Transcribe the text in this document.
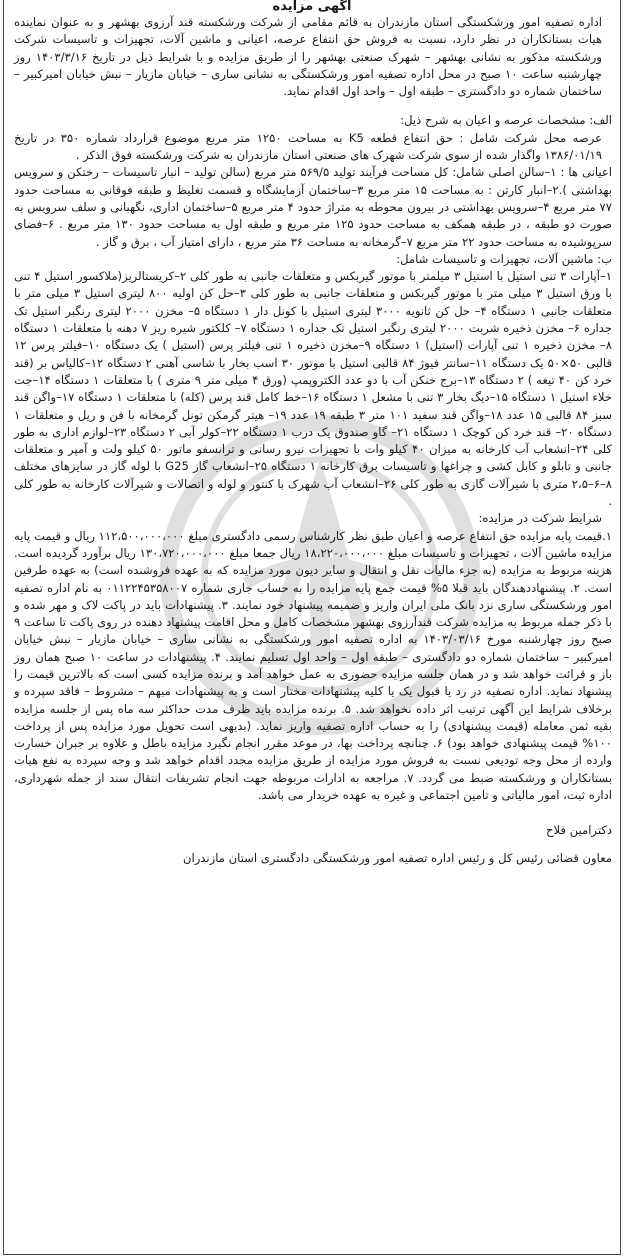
آگهی مزایده

اداره تصفیه امور ورشکستگی استان مازندران به قائم مقامی از شرکت ورشکسته قند آرزوی بهشهر و به عنوان نماینده هیات بستانکاران در نظر دارد، نسبت به فروش حق انتفاع عرصه، اعیانی و ماشین آلات، تجهیزات و تاسیسات شرکت ورشکسته مذکور به نشانی بهشهر – شهرک صنعتی بهشهر را از طریق مزایده و با شرایط ذیل در تاریخ ۱۴۰۳/۳/۱۶ روز چهارشنبه ساعت ۱۰ صبح در محل اداره تصفیه امور ورشکستگی به نشانی ساری – خیابان مازیار – نبش خیابان امیرکبیر – ساختمان شماره دو دادگستری – طبقه اول – واحد اول اقدام نماید.

الف: مشخصات عرصه و اعیان به شرح ذیل:

عرصه محل شرکت شامل : حق انتفاع قطعه K5 به مساحت ۱۲۵۰ متر مربع موضوع قرارداد شماره ۳۵۰ در تاریخ ۱۳۸۶/۰۱/۱۹ واگذار شده از سوی شرکت شهرک های صنعتی استان مازندران به شرکت ورشکسته فوق الذکر .

اعیانی ها : ۱–سالن اصلی شامل: کل مساحت فرآیند تولید ۵۶۹/۵ متر مربع (سالن تولید – انبار تاسیسات – رختکن و سرویس بهداشتی ).۲–انبار کارتن : به مساحت ۱۵ متر مربع ۳–ساختمان آزمایشگاه و قسمت تغلیظ و طبقه فوقانی به مساحت حدود ۷۷ متر مربع ۴–سرویس بهداشتی در بیرون محوطه به متراژ حدود ۴ متر مربع ۵–ساختمان اداری، نگهبانی و سلف سرویس به صورت دو طبقه ، در طبقه همکف به مساحت حدود ۱۲۵ متر مربع و طبقه اول به مساحت حدود ۱۳۰ متر مربع . ۶–فضای سرپوشیده به مساحت حدود ۲۲ متر مربع ۷–گرمخانه به مساحت ۳۶ متر مربع ، دارای امتیاز آب ، برق و گاز .

ب: ماشین آلات، تجهیزات و تاسیسات شامل:

۱–آپارات ۳ تنی استیل با استیل ۳ میلمتر با موتور گیربکس و متعلقات جانبی به طور کلی ۲–کریستالریز(ملاکسور استیل ۴ تنی با ورق استیل ۳ میلی متر با موتور گیربکس و متعلقات جانبی به طور کلی ۳–حل کن اولیه ۸۰۰ لیتری استیل ۳ میلی متر با متعلقات جانبی ۱ دستگاه ۴– حل کن ثانویه ۳۰۰۰ لیتری استیل با کونل دار ۱ دستگاه ۵– مخزن ۲۰۰۰ لیتری رنگبر استیل تک جداره ۶– مخزن ذخیره شربت ۲۰۰۰ لیتری رنگبر استیل تک جداره ۱ دستگاه ۷– کلکتور شیره ریز ۷ دهنه با متعلقات ۱ دستگاه ۸– مخزن ذخیره ۱ تنی آپارات (استیل) ۱ دستگاه ۹–مخزن ذخیره ۱ تنی فیلتر پرس (استیل ) یک دستگاه ۱۰–فیلتر پرس ۱۲ قالبی ۵۰×۵۰ یک دستگاه ۱۱–سانتر فیوژ ۸۴ قالبی استیل با موتور ۳۰ اسب بخار با شاسی آهنی ۲ دستگاه ۱۲–کالیاس بر (قند خرد کن ۴۰ تیغه ) ۲ دستگاه ۱۳–برج خنکن آب با دو عدد الکتروپمپ (ورق ۴ میلی متر ۹ متری ) با متعلقات ۱ دستگاه ۱۴–جت خلاء استیل ۱ دستگاه ۱۵–دیگ بخار ۳ تنی با مشعل ۱ دستگاه ۱۶–خط کامل قند پرس (کله) با متعلقات ۱ دستگاه ۱۷–واگن قند سبز ۸۴ قالبی ۱۵ عدد ۱۸–واگن قند سفید ۱۰۱ متر ۳ طبقه ۱۹ عدد ۱۹– هیتر گرمکن تونل گرمخانه با فن و ریل و متعلقات ۱ دستگاه ۲۰– قند خرد کن کوچک ۱ دستگاه ۲۱– گاو صندوق یک درب ۱ دستگاه ۲۲–کولر آبی ۲ دستگاه ۲۳–لوازم اداری به طور کلی ۲۴–انشعاب آب کارخانه به میزان ۴۰ کیلو وات با تجهیزات نیرو رسانی و ترانسفو ماتور ۵۰ کیلو ولت و آمپر و متعلقات جانبی و تابلو و کابل کشی و چراغها و تاسیسات برق کارخانه ۱ دستگاه ۲۵–انشعاب گاز G25 با لوله گاز در سایزهای مختلف ۸–۶–۲،۵ متری با شیرآلات گازی به طور کلی ۲۶–انشعاب آب شهرک با کنتور و لوله و اتصالات و شیرآلات کارخانه به طور کلی .

شرایط شرکت در مزایده:

۱.قیمت پایه مزایده حق انتفاع عرصه و اعیان طبق نظر کارشناس رسمی دادگستری مبلغ ۱۱۲،۵۰۰،۰۰۰،۰۰۰ ریال و قیمت پایه مزایده ماشین آلات ، تجهیزات و تاسیسات مبلغ ۱۸،۲۲۰،۰۰۰،۰۰۰ ریال جمعا مبلغ ۱۳۰،۷۲۰،۰۰۰،۰۰۰ ریال برآورد گردیده است. هزینه مربوط به مزایده (به جزء مالیات نقل و انتقال و سایر دیون مورد مزایده که به عهده فروشنده است) به عهده طرفین است. ۲. پیشنهاددهندگان باید قبلا ۵% قیمت جمع پایه مزایده را به حساب جاری شماره ۰۱۱۲۲۴۵۳۵۸۰۰۷ به نام اداره تصفیه امور ورشکستگی ساری نزد بانک ملی ایران واریز و ضمیمه پیشنهاد خود نمایند. ۳. پیشنهادات باید در پاکت لاک و مهر شده و با ذکر جمله مربوط به مزایده شرکت قندآرزوی بهشهر مشخصات کامل و محل اقامت پیشنهاد دهنده در روی پاکت تا ساعت ۹ صبح روز چهارشنبه مورخ ۱۴۰۳/۰۳/۱۶ به اداره تصفیه امور ورشکستگی به نشانی ساری – خیابان مازیار – نبش خیابان امیرکبیر – ساختمان شماره دو دادگستری – طبقه اول – واحد اول تسلیم نمایند. ۴. پیشنهادات در ساعت ۱۰ صبح همان روز باز و قرائت خواهد شد و در همان جلسه مزایده حضوری به عمل خواهد آمد و برنده مزایده کسی است که بالاترین قیمت را پیشنهاد نماید. اداره تصفیه در رد یا قبول یک یا کلیه پیشنهادات مختار است و به پیشنهادات مبهم – مشروط – فاقد سپرده و برخلاف شرایط این آگهی ترتیب اثر داده نخواهد شد. ۵. برنده مزایده باید ظرف مدت حداکثر سه ماه پس از جلسه مزایده بقیه ثمن معامله (قیمت پیشنهادی) را به حساب اداره تصفیه واریز نماید. (بدیهی است تحویل مورد مزایده پس از پرداخت ۱۰۰% قیمت پیشنهادی خواهد بود) ۶. چنانچه پرداخت بها، در موعد مقرر انجام نگیرد مزایده باطل و علاوه بر جبران خسارت وارده از محل وجه تودیعی نسبت به فروش مورد مزایده از طریق مزایده مجدد اقدام خواهد شد و وجه سپرده به نفع هیات بستانکاران و ورشکسته ضبط می گردد. ۷. مراجعه به ادارات مربوطه جهت انجام تشریفات انتقال سند از جمله شهرداری، اداره ثبت، امور مالیاتی و تامین اجتماعی و غیره به عهده خریدار می باشد.

دکترامین فلاح
معاون قضائی رئیس کل و رئیس اداره تصفیه امور ورشکستگی دادگستری استان مازندران
